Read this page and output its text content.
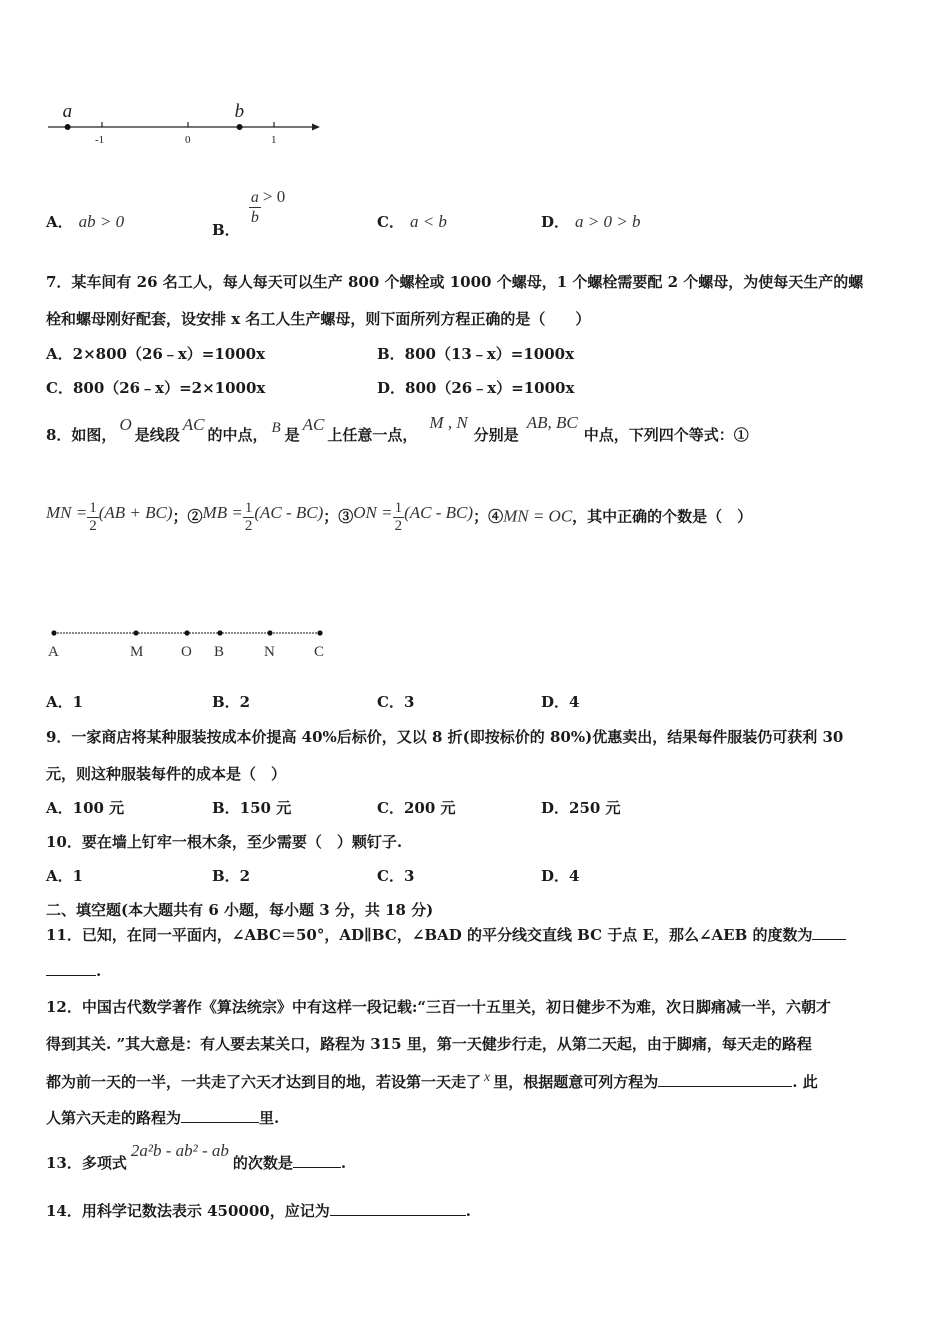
-1	0	1
a	b
A． ab > 0	B．
$\frac{a}{b} > 0$
C． a < b	D． a > 0 > b
7．某车间有 26 名工人，每人每天可以生产 800 个螺栓或 1000 个螺母，1 个螺栓需要配 2 个螺母，为使每天生产的螺
栓和螺母刚好配套，设安排 x 名工人生产螺母，则下面所列方程正确的是（　　）
A．2×800（26﹣x）=1000x	B．800（13﹣x）=1000x
C．800（26﹣x）=2×1000x	D．800（26﹣x）=1000x
8．如图，O是线段AC的中点， B 是AC上任意一点，M , N分别是AB, BC中点，下列四个等式：①
MN = $\frac{1}{2} (AB + BC)$；②MB = $\frac{1}{2} (AC - BC)$；③ON = $\frac{1}{2} (AC - BC)$；④MN = OC，其中正确的个数是（　）
A	M	O B	N	C
A．1	B．2	C．3	D．4
9．一家商店将某种服装按成本价提高 40%后标价，又以 8 折(即按标价的 80%)优惠卖出，结果每件服装仍可获利 30
元，则这种服装每件的成本是（　）
A．100 元	B．150 元	C．200 元	D．250 元
10．要在墙上钉牢一根木条，至少需要（　）颗钉子.
A．1	B．2	C．3	D．4
二、填空题(本大题共有 6 小题，每小题 3 分，共 18 分)
11．已知，在同一平面内，∠ABC＝50°，AD∥BC，∠BAD 的平分线交直线 BC 于点 E，那么∠AEB 的度数为
.
12．中国古代数学著作《算法统宗》中有这样一段记载:“三百一十五里关，初日健步不为难，次日脚痛减一半，六朝才
得到其关. ”其大意是：有人要去某关口，路程为 315 里，第一天健步行走，从第二天起，由于脚痛，每天走的路程
都为前一天的一半，一共走了六天才达到目的地，若设第一天走了 x 里，根据题意可列方程为	. 此
人第六天走的路程为	里.
13．多项式2a²b - ab² - ab的次数是	.
14．用科学记数法表示 450000，应记为	.
